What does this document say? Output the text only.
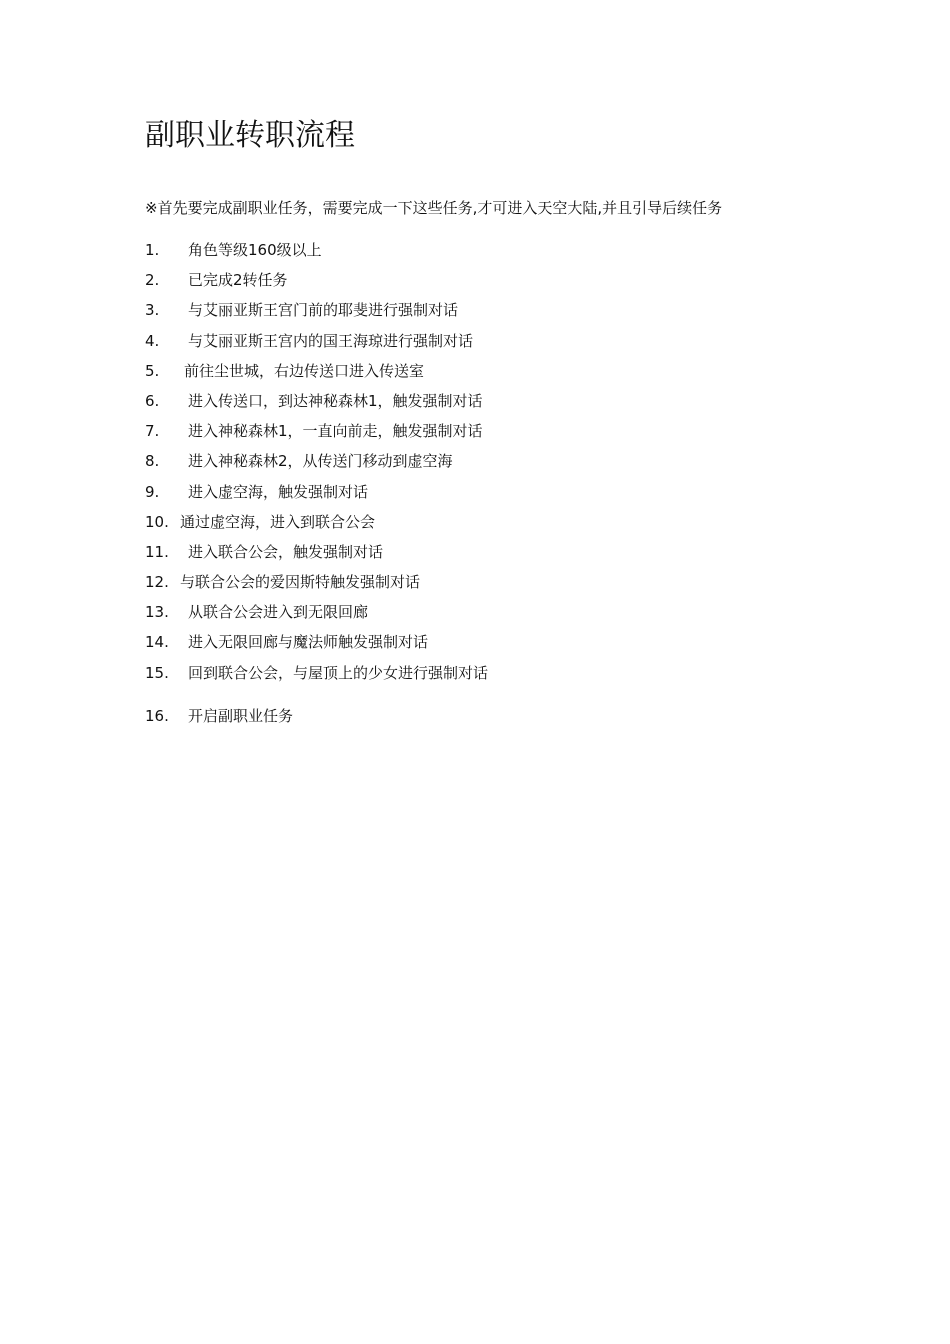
副职业转职流程

※首先要完成副职业任务，需要完成一下这些任务,才可进入天空大陆,并且引导后续任务

1.	角色等级160级以上
2.	已完成2转任务
3.	与艾丽亚斯王宫门前的耶斐进行强制对话
4.	与艾丽亚斯王宫内的国王海琼进行强制对话
5.	前往尘世城，右边传送口进入传送室
6.	进入传送口，到达神秘森林1，触发强制对话
7.	进入神秘森林1，一直向前走，触发强制对话
8.	进入神秘森林2，从传送门移动到虚空海
9.	进入虚空海，触发强制对话
10. 通过虚空海，进入到联合公会
11.	进入联合公会，触发强制对话
12. 与联合公会的爱因斯特触发强制对话
13.	从联合公会进入到无限回廊
14.	进入无限回廊与魔法师触发强制对话
15.	回到联合公会，与屋顶上的少女进行强制对话
16.	开启副职业任务
